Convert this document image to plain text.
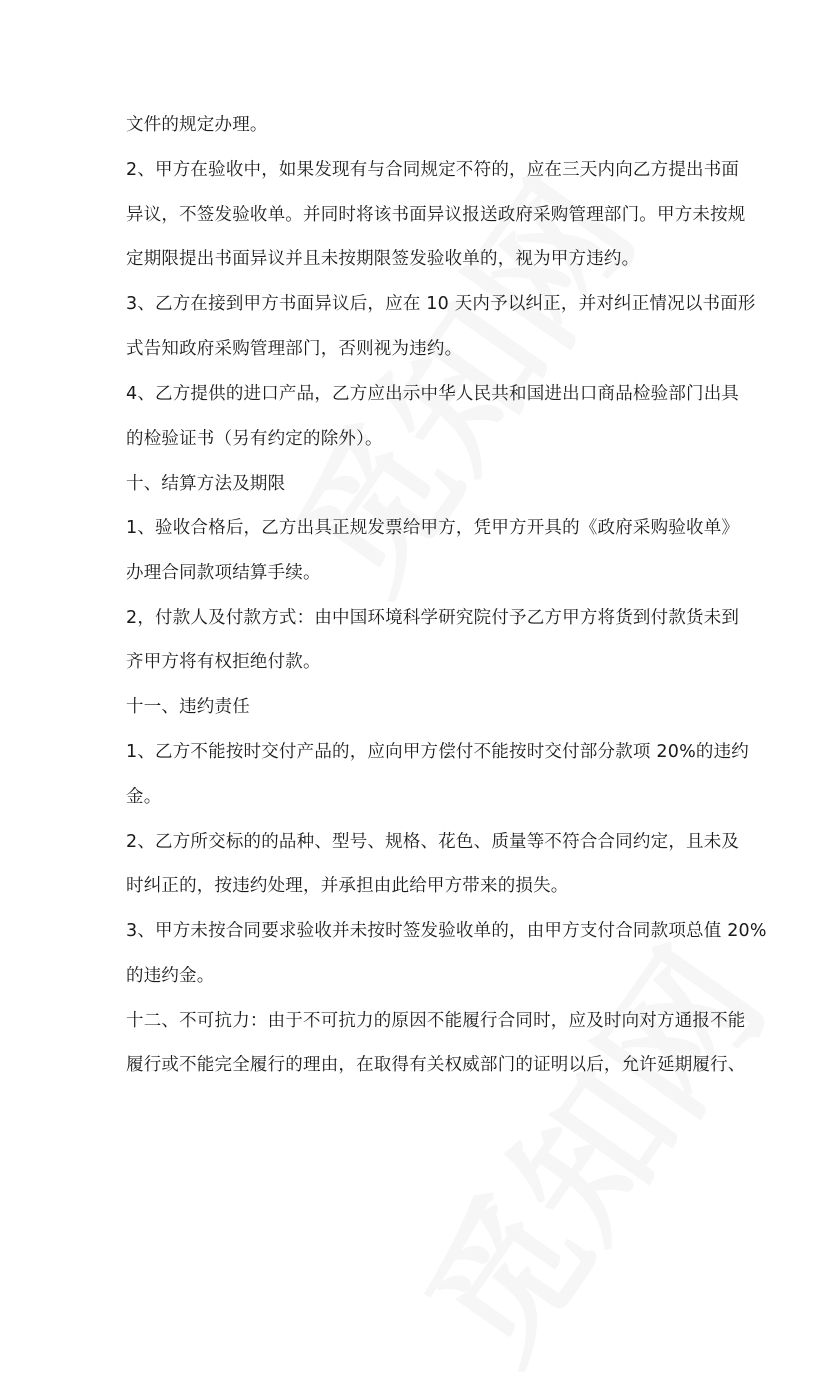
文件的规定办理。
2、甲方在验收中，如果发现有与合同规定不符的，应在三天内向乙方提出书面
异议，不签发验收单。并同时将该书面异议报送政府采购管理部门。甲方未按规
定期限提出书面异议并且未按期限签发验收单的，视为甲方违约。
3、乙方在接到甲方书面异议后，应在 10 天内予以纠正，并对纠正情况以书面形
式告知政府采购管理部门，否则视为违约。
4、乙方提供的进口产品，乙方应出示中华人民共和国进出口商品检验部门出具
的检验证书（另有约定的除外）。
十、结算方法及期限
1、验收合格后，乙方出具正规发票给甲方，凭甲方开具的《政府采购验收单》
办理合同款项结算手续。
2，付款人及付款方式：由中国环境科学研究院付予乙方甲方将货到付款货未到
齐甲方将有权拒绝付款。
十一、违约责任
1、乙方不能按时交付产品的，应向甲方偿付不能按时交付部分款项 20%的违约
金。
2、乙方所交标的的品种、型号、规格、花色、质量等不符合合同约定，且未及
时纠正的，按违约处理，并承担由此给甲方带来的损失。
3、甲方未按合同要求验收并未按时签发验收单的，由甲方支付合同款项总值 20%
的违约金。
十二、不可抗力：由于不可抗力的原因不能履行合同时，应及时向对方通报不能
履行或不能完全履行的理由，在取得有关权威部门的证明以后，允许延期履行、
